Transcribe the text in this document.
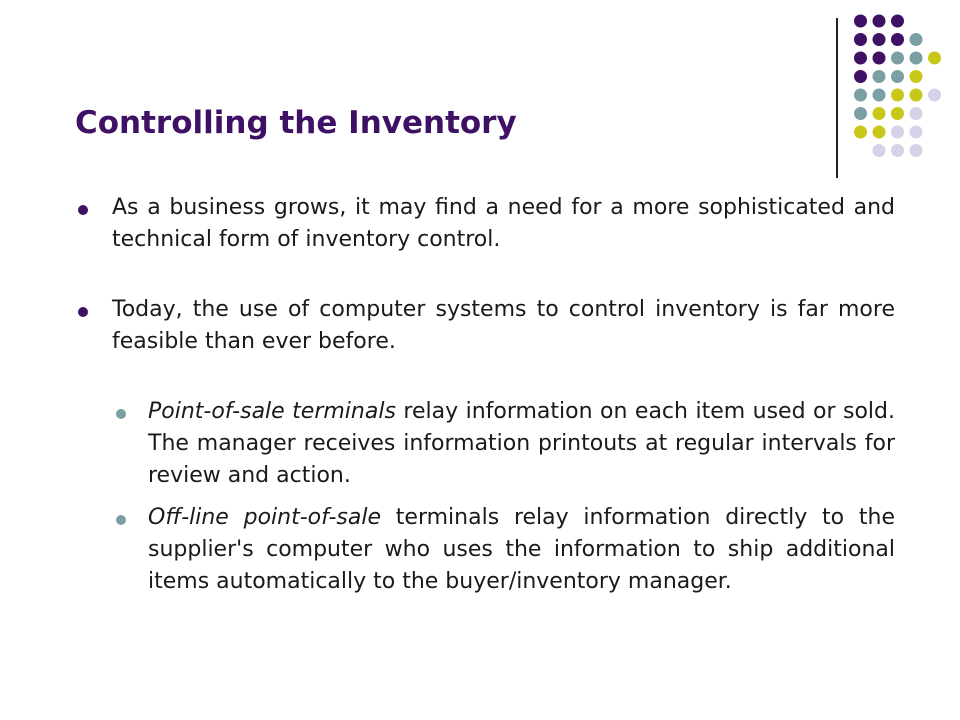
Controlling the Inventory
As a business grows, it may find a need for a more sophisticated and technical form of inventory control.
Today, the use of computer systems to control inventory is far more feasible than ever before.
Point-of-sale terminals relay information on each item used or sold. The manager receives information printouts at regular intervals for review and action.
Off-line point-of-sale terminals relay information directly to the supplier's computer who uses the information to ship additional items automatically to the buyer/inventory manager.
